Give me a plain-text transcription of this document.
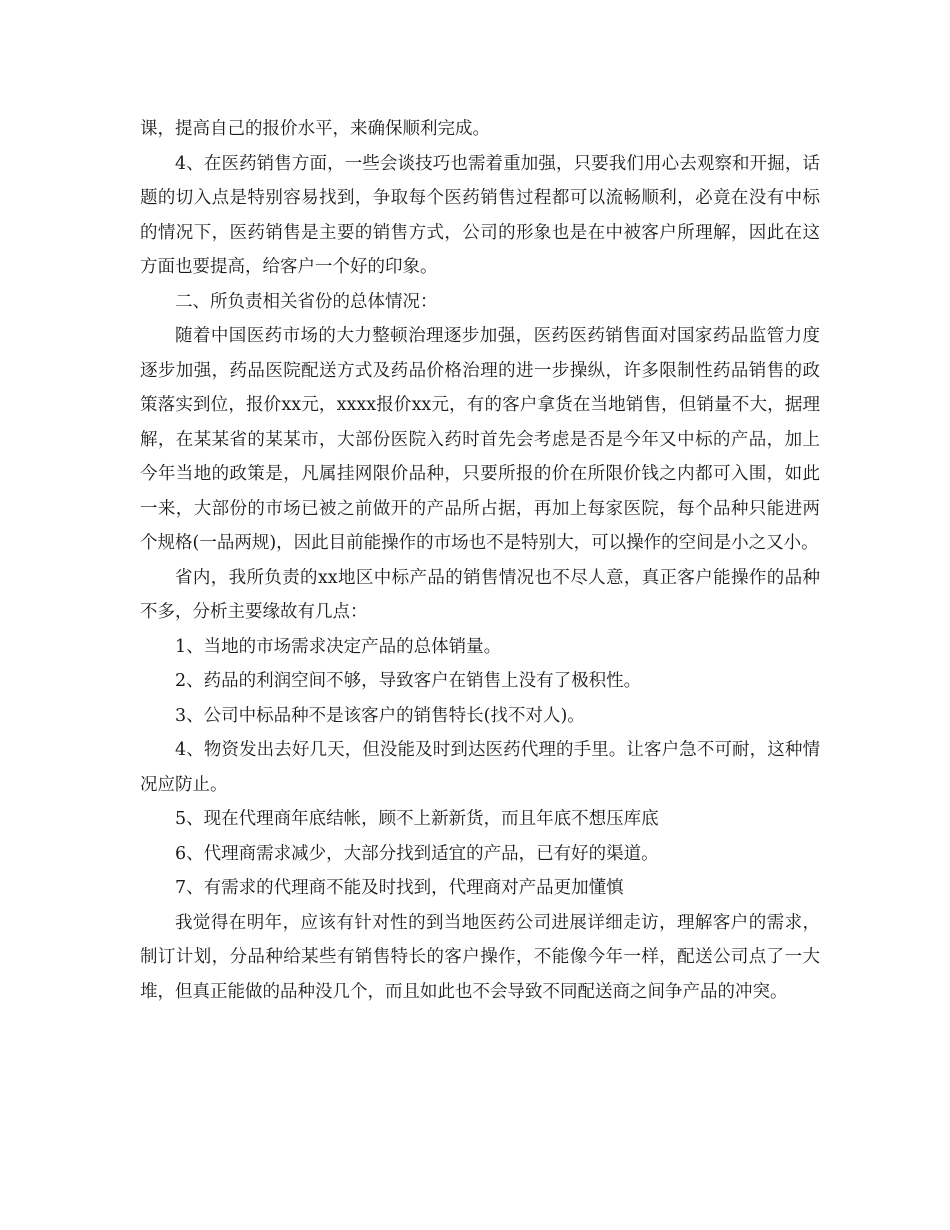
课，提高自己的报价水平，来确保顺利完成。

4、在医药销售方面，一些会谈技巧也需着重加强，只要我们用心去观察和开掘，话题的切入点是特别容易找到，争取每个医药销售过程都可以流畅顺利，必竟在没有中标的情况下，医药销售是主要的销售方式，公司的形象也是在中被客户所理解，因此在这方面也要提高，给客户一个好的印象。

二、所负责相关省份的总体情况：

随着中国医药市场的大力整顿治理逐步加强，医药医药销售面对国家药品监管力度逐步加强，药品医院配送方式及药品价格治理的进一步操纵，许多限制性药品销售的政策落实到位，报价xx元，xxxx报价xx元，有的客户拿货在当地销售，但销量不大，据理解，在某某省的某某市，大部份医院入药时首先会考虑是否是今年又中标的产品，加上今年当地的政策是，凡属挂网限价品种，只要所报的价在所限价钱之内都可入围，如此一来，大部份的市场已被之前做开的产品所占据，再加上每家医院，每个品种只能进两个规格(一品两规)，因此目前能操作的市场也不是特别大，可以操作的空间是小之又小。

省内，我所负责的xx地区中标产品的销售情况也不尽人意，真正客户能操作的品种不多，分析主要缘故有几点：

1、当地的市场需求决定产品的总体销量。

2、药品的利润空间不够，导致客户在销售上没有了极积性。

3、公司中标品种不是该客户的销售特长(找不对人)。

4、物资发出去好几天，但没能及时到达医药代理的手里。让客户急不可耐，这种情况应防止。

5、现在代理商年底结帐，顾不上新新货，而且年底不想压库底

6、代理商需求减少，大部分找到适宜的产品，已有好的渠道。

7、有需求的代理商不能及时找到，代理商对产品更加懂慎

我觉得在明年，应该有针对性的到当地医药公司进展详细走访，理解客户的需求，制订计划，分品种给某些有销售特长的客户操作，不能像今年一样，配送公司点了一大堆，但真正能做的品种没几个，而且如此也不会导致不同配送商之间争产品的冲突。
